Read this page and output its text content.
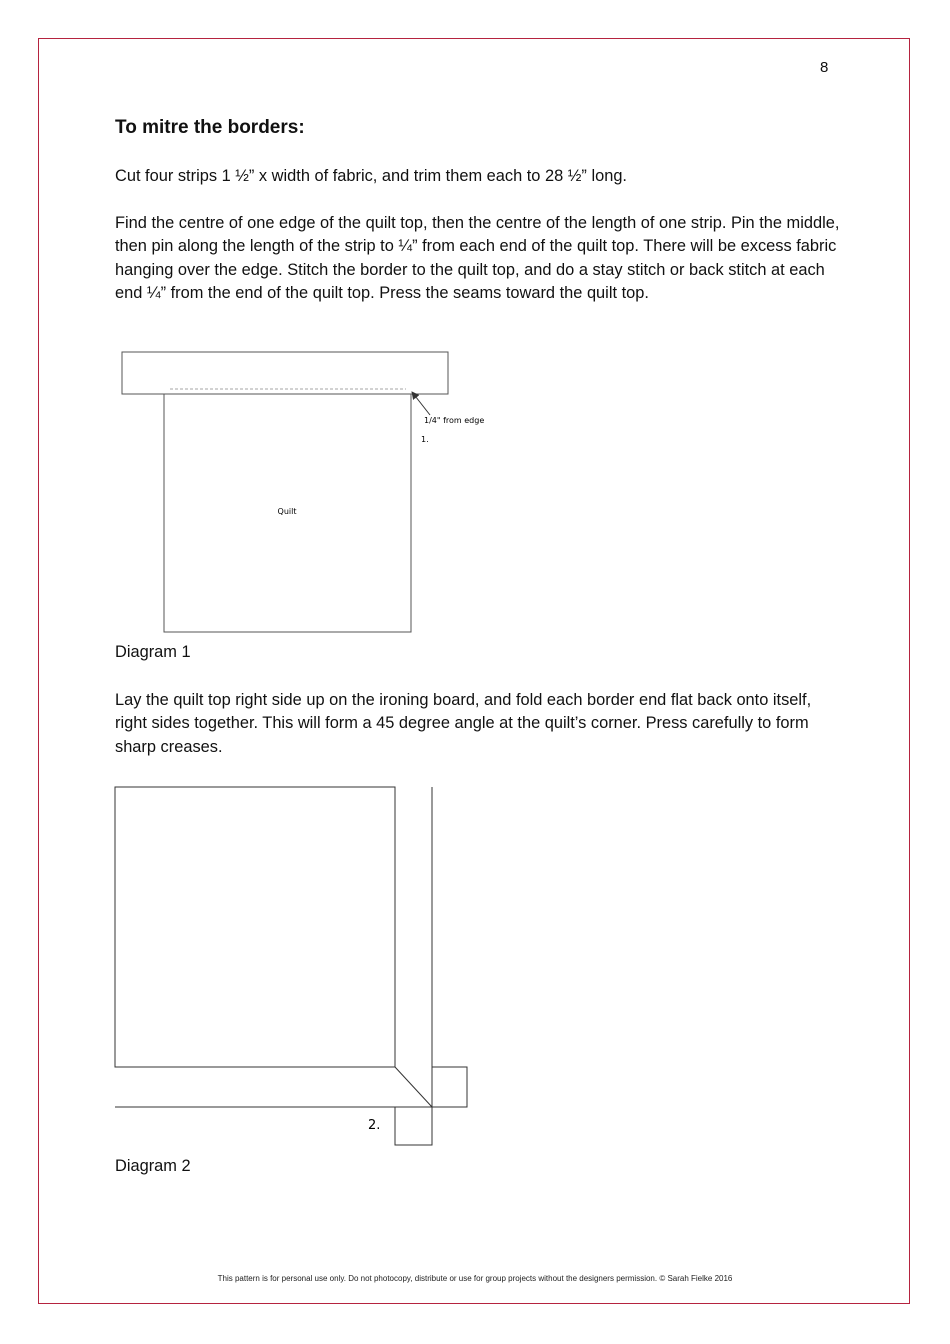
8
To mitre the borders:

Cut four strips 1 ½” x width of fabric, and trim them each to 28 ½” long.

Find the centre of one edge of the quilt top, then the centre of the length of one strip. Pin the middle, then pin along the length of the strip to ¼” from each end of the quilt top. There will be excess fabric hanging over the edge. Stitch the border to the quilt top, and do a stay stitch or back stitch at each end ¼” from the end of the quilt top. Press the seams toward the quilt top.

Quilt
1/4" from edge
1.

Diagram 1

Lay the quilt top right side up on the ironing board, and fold each border end flat back onto itself, right sides together. This will form a 45 degree angle at the quilt’s corner. Press carefully to form sharp creases.

2.

Diagram 2

This pattern is for personal use only. Do not photocopy, distribute or use for group projects without the designers permission. © Sarah Fielke 2016
